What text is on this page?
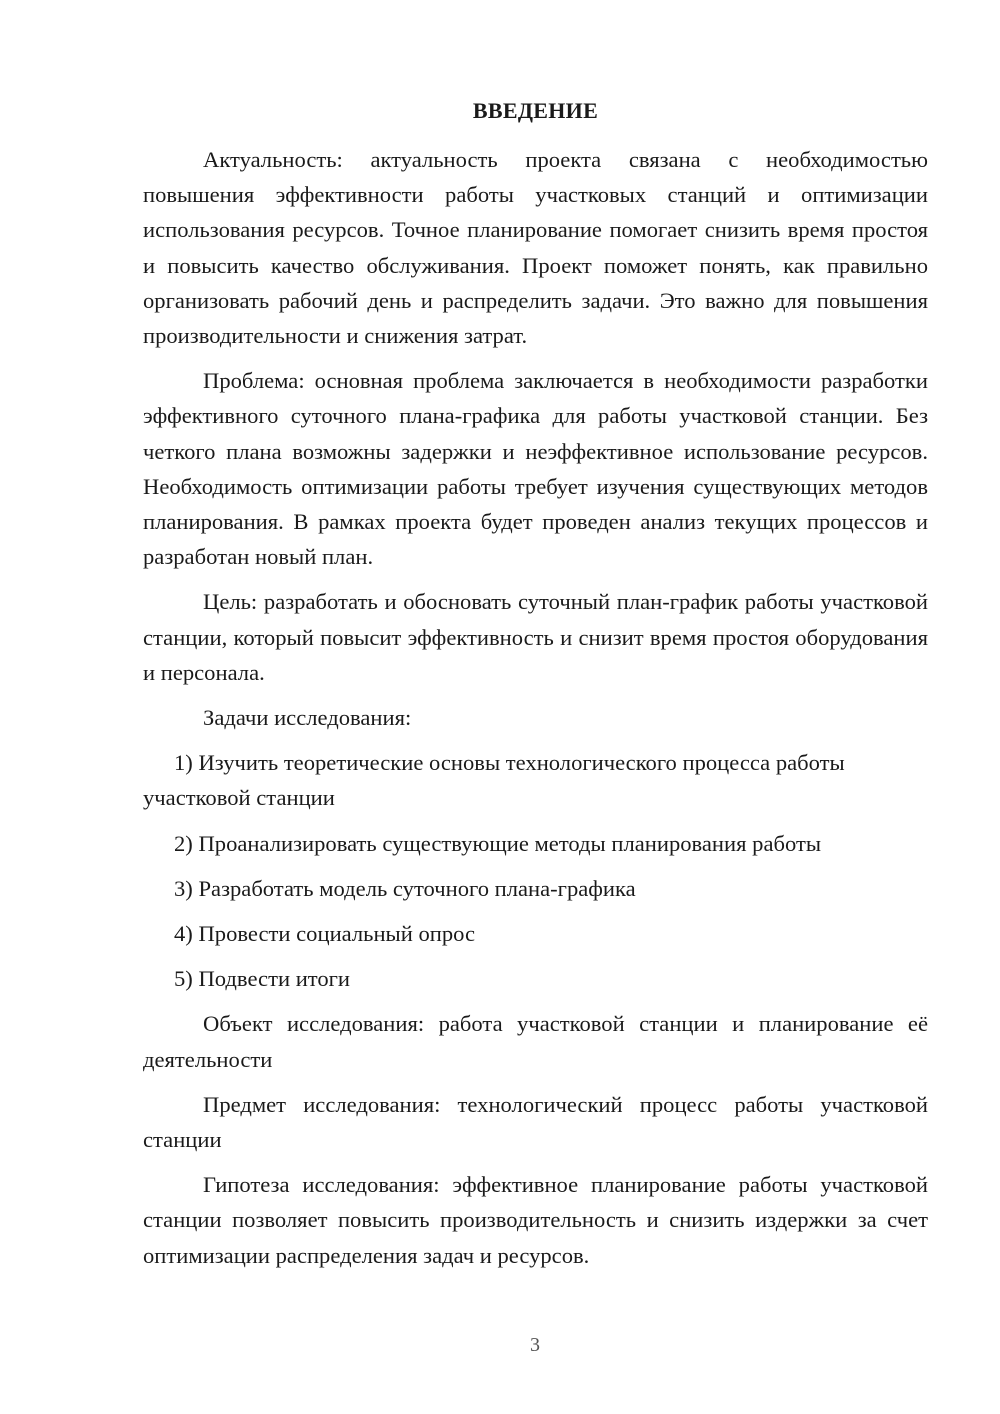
ВВЕДЕНИЕ

Актуальность: актуальность проекта связана с необходимостью повышения эффективности работы участковых станций и оптимизации использования ресурсов. Точное планирование помогает снизить время простоя и повысить качество обслуживания. Проект поможет понять, как правильно организовать рабочий день и распределить задачи. Это важно для повышения производительности и снижения затрат.

Проблема: основная проблема заключается в необходимости разработки эффективного суточного плана-графика для работы участковой станции. Без четкого плана возможны задержки и неэффективное использование ресурсов. Необходимость оптимизации работы требует изучения существующих методов планирования. В рамках проекта будет проведен анализ текущих процессов и разработан новый план.

Цель: разработать и обосновать суточный план-график работы участковой станции, который повысит эффективность и снизит время простоя оборудования и персонала.

Задачи исследования:

1) Изучить теоретические основы технологического процесса работы участковой станции

2) Проанализировать существующие методы планирования работы

3) Разработать модель суточного плана-графика

4) Провести социальный опрос

5) Подвести итоги

Объект исследования: работа участковой станции и планирование её деятельности

Предмет исследования: технологический процесс работы участковой станции

Гипотеза исследования: эффективное планирование работы участковой станции позволяет повысить производительность и снизить издержки за счет оптимизации распределения задач и ресурсов.

3
